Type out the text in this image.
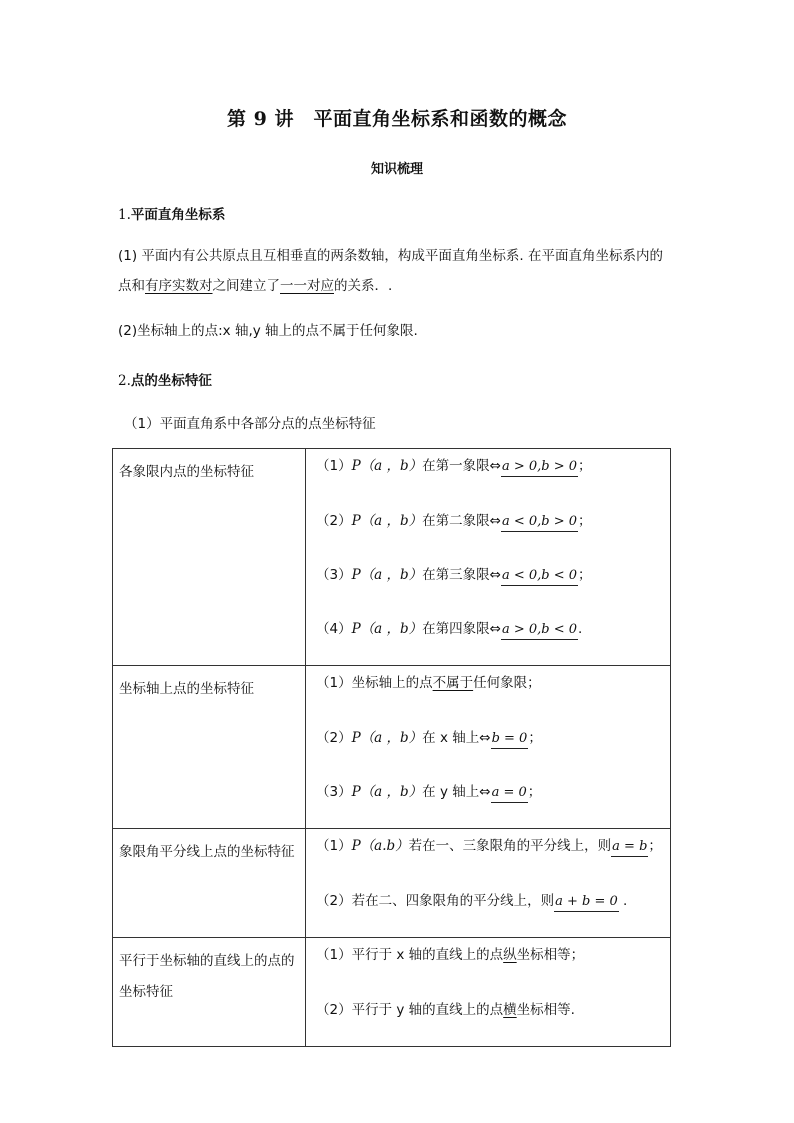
第 9 讲　平面直角坐标系和函数的概念
知识梳理
1.平面直角坐标系
(1) 平面内有公共原点且互相垂直的两条数轴，构成平面直角坐标系. 在平面直角坐标系内的
点和有序实数对之间建立了一一对应的关系．.
(2)坐标轴上的点:x 轴,y 轴上的点不属于任何象限.
2.点的坐标特征
（1）平面直角系中各部分点的点坐标特征
各象限内点的坐标特征	（1）P（a ，b）在第一象限⇔a > 0,b > 0；
（2）P（a ，b）在第二象限⇔a < 0,b > 0；
（3）P（a ，b）在第三象限⇔a < 0,b < 0；
（4）P（a ，b）在第四象限⇔a > 0,b < 0.

坐标轴上点的坐标特征	（1）坐标轴上的点不属于任何象限；
（2）P（a ，b）在 x 轴上⇔b = 0；
（3）P（a ，b）在 y 轴上⇔a = 0；

象限角平分线上点的坐标特征	（1）P（a.b）若在一、三象限角的平分线上，则a = b；
（2）若在二、四象限角的平分线上，则a + b = 0 .

平行于坐标轴的直线上的点的坐标特征	（1）平行于 x 轴的直线上的点纵坐标相等；
（2）平行于 y 轴的直线上的点横坐标相等.
